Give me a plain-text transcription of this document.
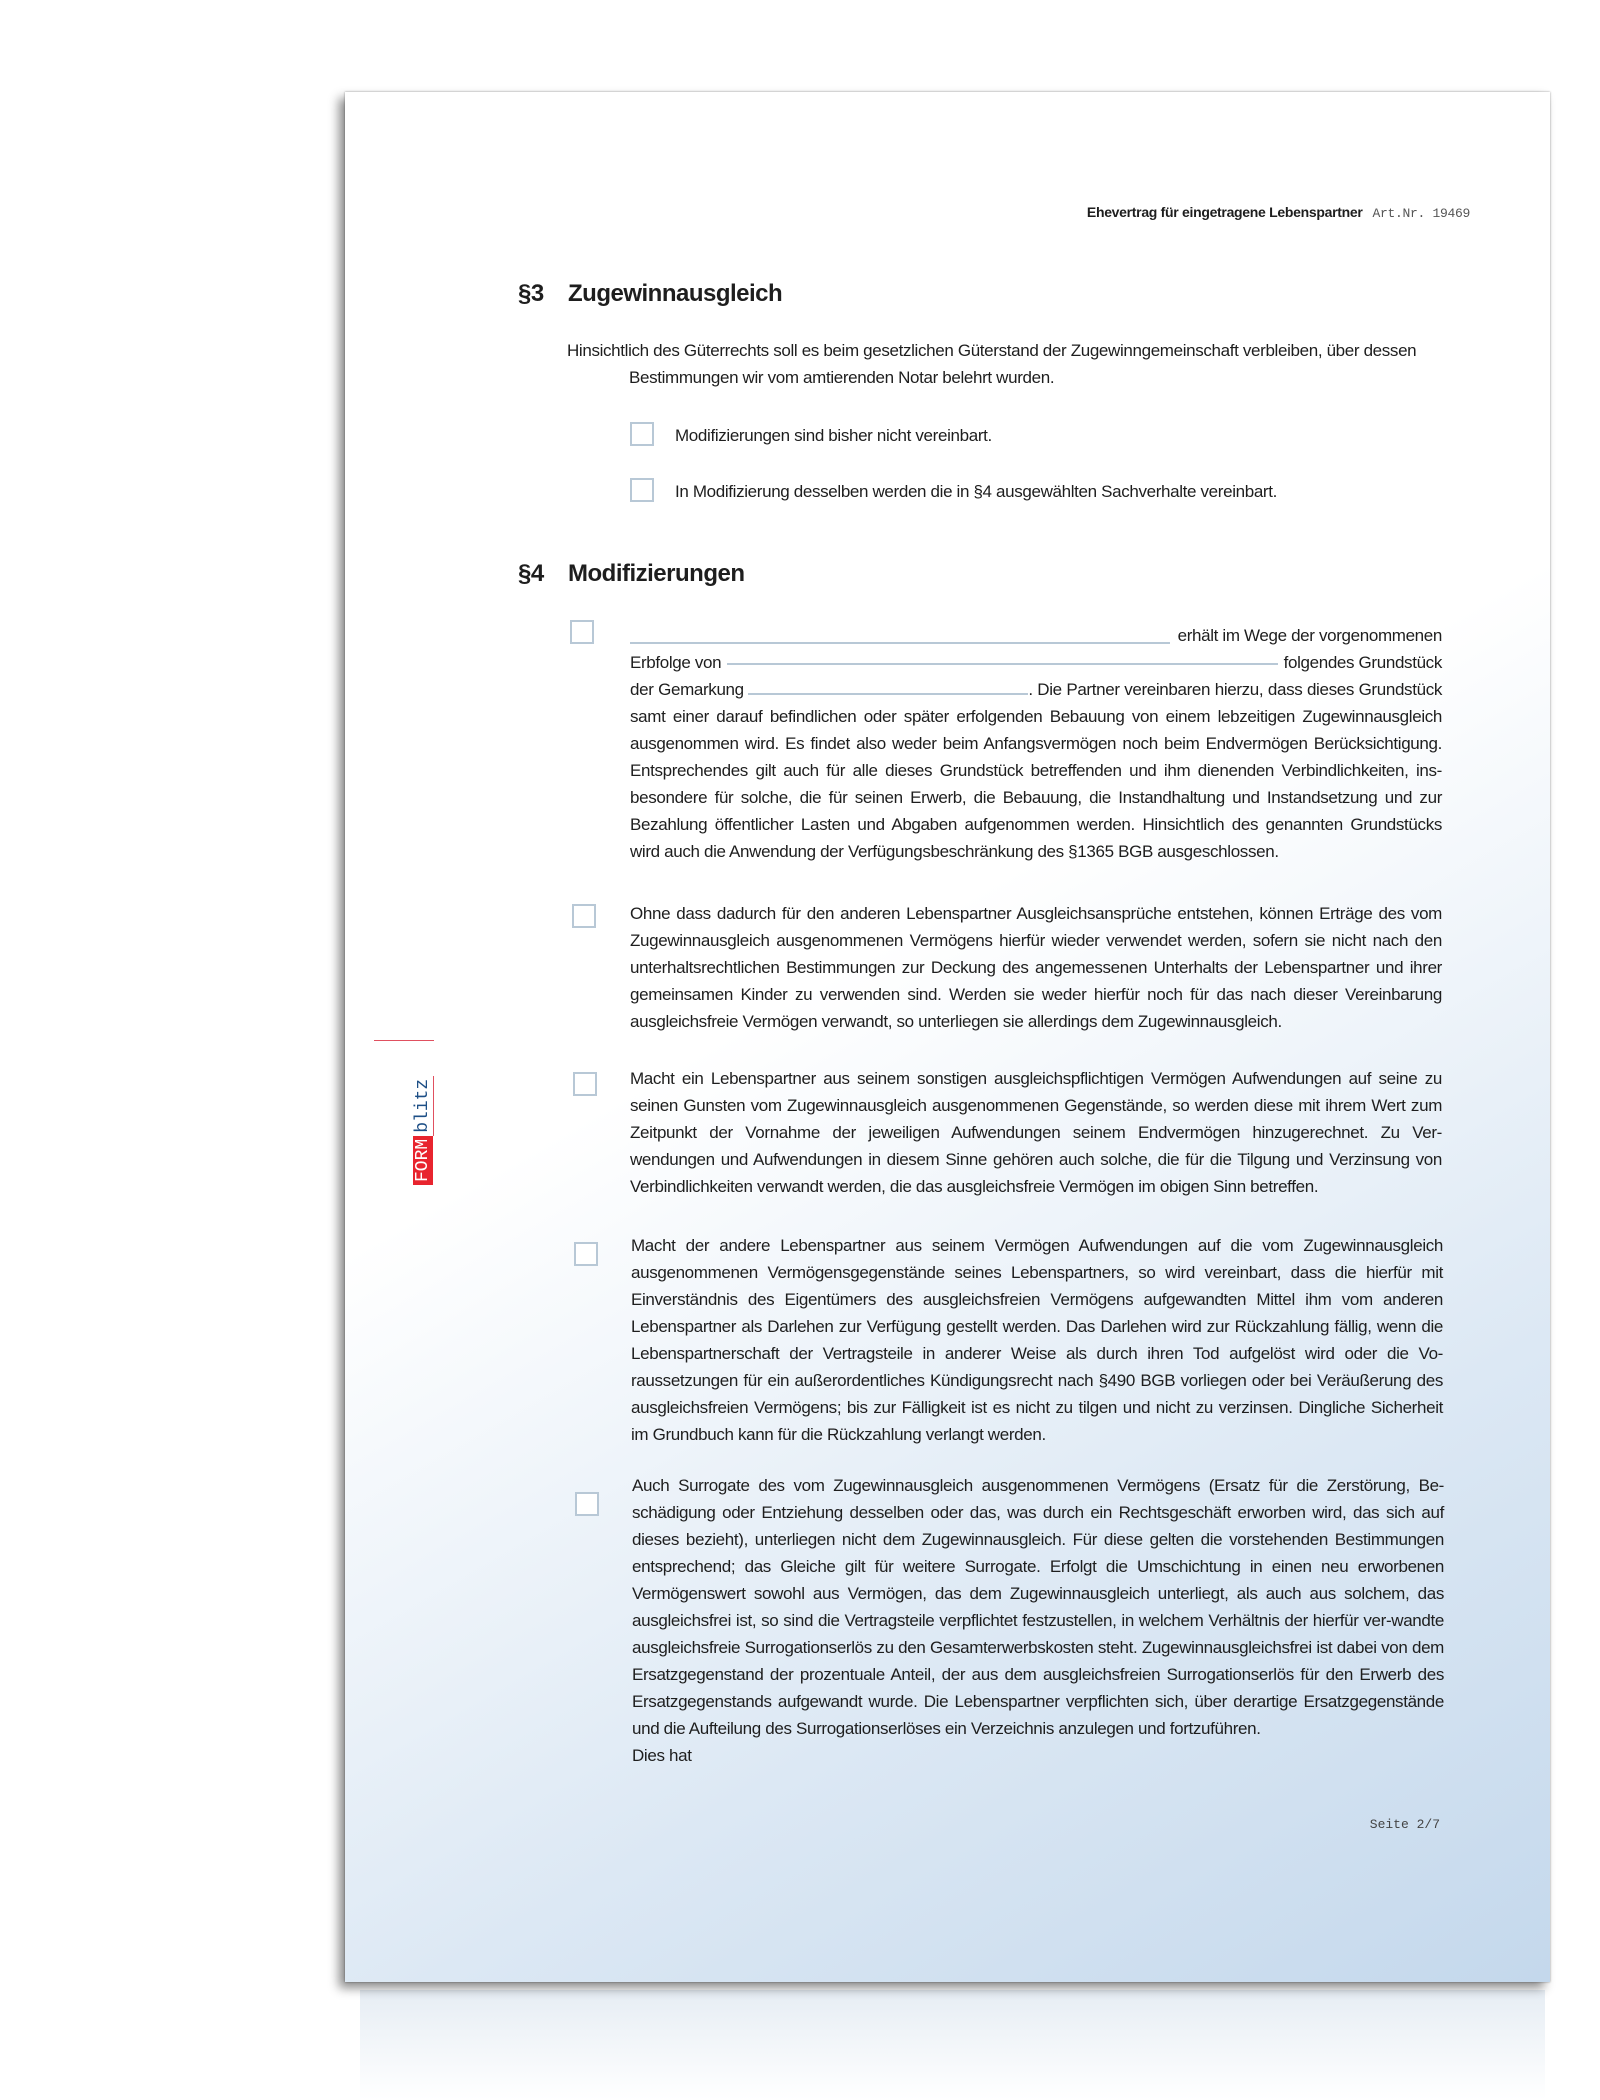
Ehevertrag für eingetragene Lebenspartner Art.Nr. 19469
§3 Zugewinnausgleich
Hinsichtlich des Güterrechts soll es beim gesetzlichen Güterstand der Zugewinngemeinschaft verbleiben, über dessen
Bestimmungen wir vom amtierenden Notar belehrt wurden.
Modifizierungen sind bisher nicht vereinbart.
In Modifizierung desselben werden die in §4 ausgewählten Sachverhalte vereinbart.
§4 Modifizierungen
erhält im Wege der vorgenommenen
Erbfolge von	folgendes Grundstück
der Gemarkung	. Die Partner vereinbaren hierzu, dass dieses Grundstück samt einer darauf befindlichen oder später erfolgenden Bebauung von einem lebzeitigen Zugewinnausgleich ausgenommen wird. Es findet also weder beim Anfangsvermögen noch beim Endvermögen Berücksichtigung. Entsprechendes gilt auch für alle dieses Grundstück betreffenden und ihm dienenden Verbindlichkeiten, ins-besondere für solche, die für seinen Erwerb, die Bebauung, die Instandhaltung und Instandsetzung und zur Bezahlung öffentlicher Lasten und Abgaben aufgenommen werden. Hinsichtlich des genannten Grundstücks wird auch die Anwendung der Verfügungsbeschränkung des §1365 BGB ausgeschlossen.
Ohne dass dadurch für den anderen Lebenspartner Ausgleichsansprüche entstehen, können Erträge des vom Zugewinnausgleich ausgenommenen Vermögens hierfür wieder verwendet werden, sofern sie nicht nach den unterhaltsrechtlichen Bestimmungen zur Deckung des angemessenen Unterhalts der Lebenspartner und ihrer gemeinsamen Kinder zu verwenden sind. Werden sie weder hierfür noch für das nach dieser Vereinbarung ausgleichsfreie Vermögen verwandt, so unterliegen sie allerdings dem Zugewinnausgleich.
Macht ein Lebenspartner aus seinem sonstigen ausgleichspflichtigen Vermögen Aufwendungen auf seine zu seinen Gunsten vom Zugewinnausgleich ausgenommenen Gegenstände, so werden diese mit ihrem Wert zum Zeitpunkt der Vornahme der jeweiligen Aufwendungen seinem Endvermögen hinzugerechnet. Zu Ver-wendungen und Aufwendungen in diesem Sinne gehören auch solche, die für die Tilgung und Verzinsung von Verbindlichkeiten verwandt werden, die das ausgleichsfreie Vermögen im obigen Sinn betreffen.
Macht der andere Lebenspartner aus seinem Vermögen Aufwendungen auf die vom Zugewinnausgleich ausgenommenen Vermögensgegenstände seines Lebenspartners, so wird vereinbart, dass die hierfür mit Einverständnis des Eigentümers des ausgleichsfreien Vermögens aufgewandten Mittel ihm vom anderen Lebenspartner als Darlehen zur Verfügung gestellt werden. Das Darlehen wird zur Rückzahlung fällig, wenn die Lebenspartnerschaft der Vertragsteile in anderer Weise als durch ihren Tod aufgelöst wird oder die Vo-raussetzungen für ein außerordentliches Kündigungsrecht nach §490 BGB vorliegen oder bei Veräußerung des ausgleichsfreien Vermögens; bis zur Fälligkeit ist es nicht zu tilgen und nicht zu verzinsen. Dingliche Sicherheit im Grundbuch kann für die Rückzahlung verlangt werden.
Auch Surrogate des vom Zugewinnausgleich ausgenommenen Vermögens (Ersatz für die Zerstörung, Be-schädigung oder Entziehung desselben oder das, was durch ein Rechtsgeschäft erworben wird, das sich auf dieses bezieht), unterliegen nicht dem Zugewinnausgleich. Für diese gelten die vorstehenden Bestimmungen entsprechend; das Gleiche gilt für weitere Surrogate. Erfolgt die Umschichtung in einen neu erworbenen Vermögenswert sowohl aus Vermögen, das dem Zugewinnausgleich unterliegt, als auch aus solchem, das ausgleichsfrei ist, so sind die Vertragsteile verpflichtet festzustellen, in welchem Verhältnis der hierfür ver-wandte ausgleichsfreie Surrogationserlös zu den Gesamterwerbskosten steht. Zugewinnausgleichsfrei ist dabei von dem Ersatzgegenstand der prozentuale Anteil, der aus dem ausgleichsfreien Surrogationserlös für den Erwerb des Ersatzgegenstands aufgewandt wurde. Die Lebenspartner verpflichten sich, über derartige Ersatzgegenstände und die Aufteilung des Surrogationserlöses ein Verzeichnis anzulegen und fortzuführen.
Dies hat
Seite 2/7
FORMblitz
